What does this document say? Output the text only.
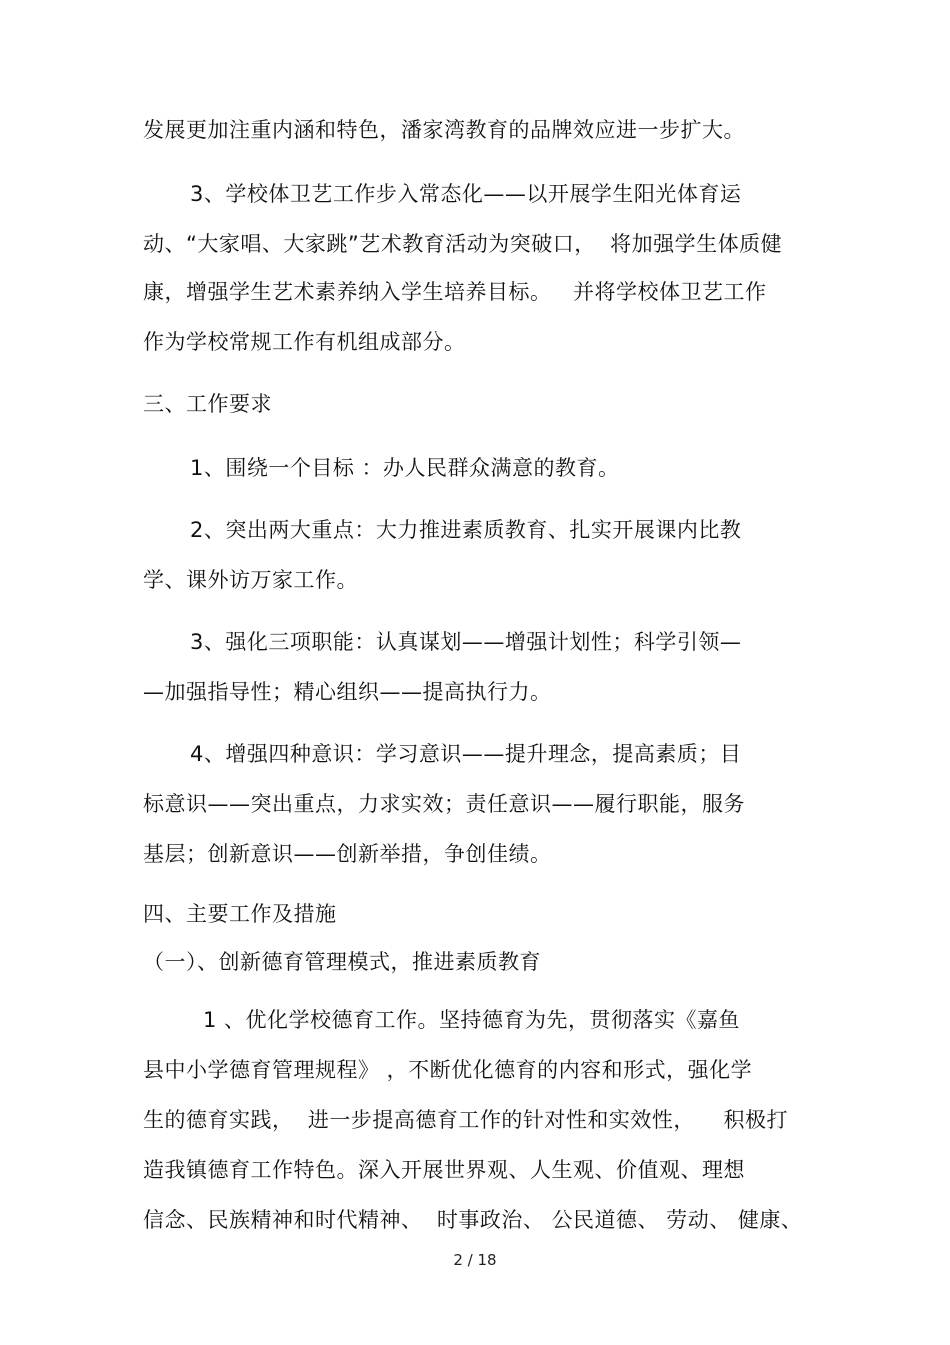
发展更加注重内涵和特色，潘家湾教育的品牌效应进一步扩大。
3、学校体卫艺工作步入常态化——以开展学生阳光体育运
动、“大家唱、大家跳”艺术教育活动为突破口，  将加强学生体质健
康，增强学生艺术素养纳入学生培养目标。   并将学校体卫艺工作
作为学校常规工作有机组成部分。
三、工作要求
1、围绕一个目标 ：办人民群众满意的教育。
2、突出两大重点：大力推进素质教育、扎实开展课内比教
学、课外访万家工作。
3、强化三项职能：认真谋划——增强计划性；科学引领—
—加强指导性；精心组织——提高执行力。
4、增强四种意识：学习意识——提升理念，提高素质；目
标意识——突出重点，力求实效；责任意识——履行职能，服务
基层；创新意识——创新举措，争创佳绩。
四、主要工作及措施
（一）、创新德育管理模式，推进素质教育
1 、优化学校德育工作。坚持德育为先，贯彻落实《嘉鱼
县中小学德育管理规程》 ，不断优化德育的内容和形式，强化学
生的德育实践，  进一步提高德育工作的针对性和实效性，    积极打
造我镇德育工作特色。深入开展世界观、人生观、价值观、理想
信念、民族精神和时代精神、  时事政治、 公民道德、 劳动、 健康、
2 / 18
